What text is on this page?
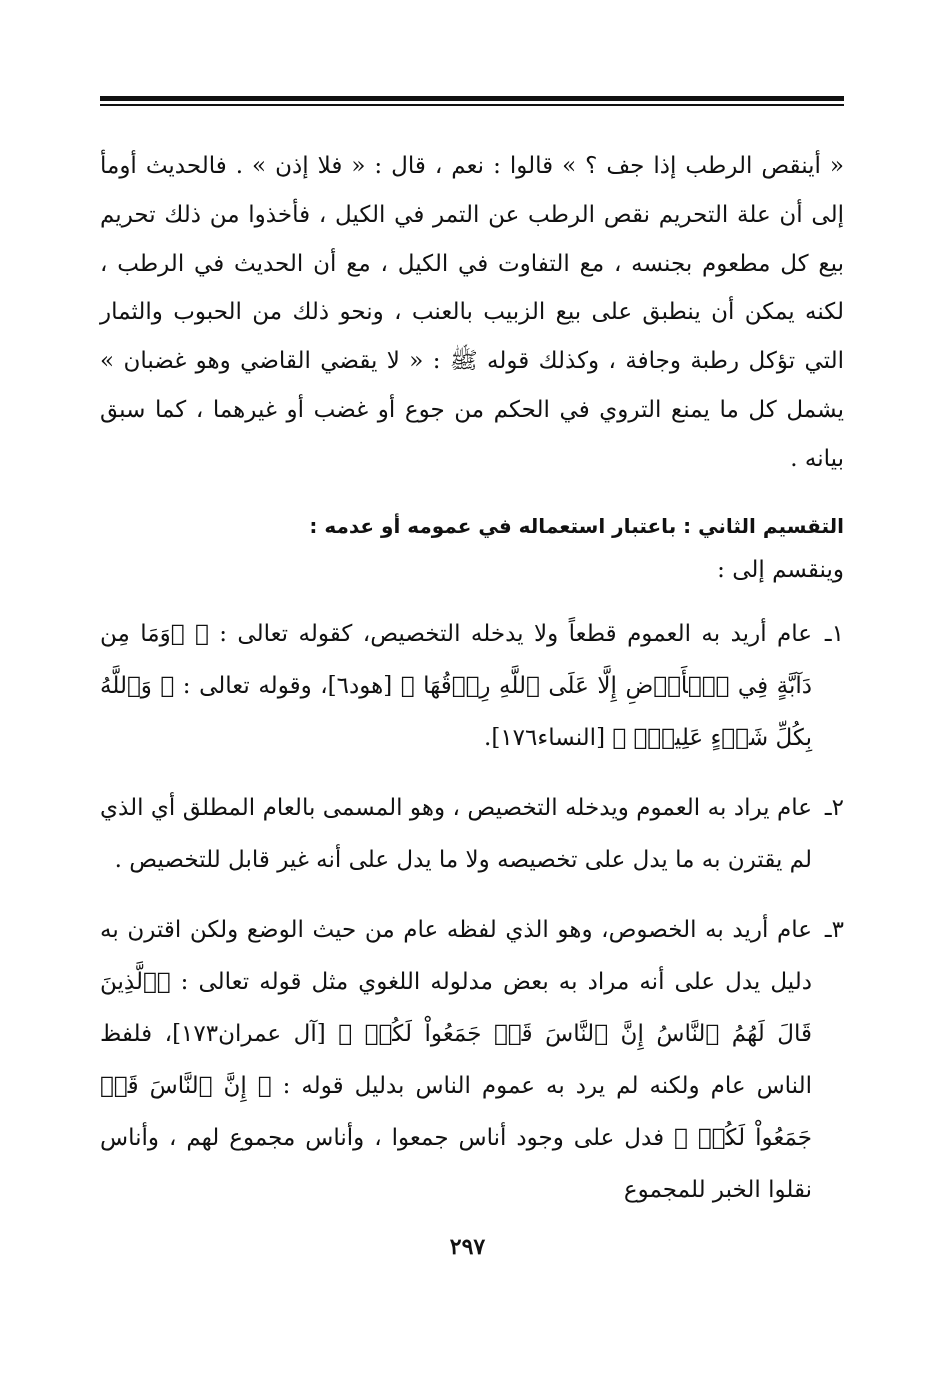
« أينقص الرطب إذا جف ؟ » قالوا : نعم ، قال : « فلا إذن » . فالحديث أومأ إلى أن علة التحريم نقص الرطب عن التمر في الكيل ، فأخذوا من ذلك تحريم بيع كل مطعوم بجنسه ، مع التفاوت في الكيل ، مع أن الحديث في الرطب ، لكنه يمكن أن ينطبق على بيع الزبيب بالعنب ، ونحو ذلك من الحبوب والثمار التي تؤكل رطبة وجافة ، وكذلك قوله ﷺ : « لا يقضي القاضي وهو غضبان » يشمل كل ما يمنع التروي في الحكم من جوع أو غضب أو غيرهما ، كما سبق بيانه .

التقسيم الثاني : باعتبار استعماله في عمومه أو عدمه :

وينقسم إلى :

١ـ
عام أريد به العموم قطعاً ولا يدخله التخصيص، كقوله تعالى : ﴿ ۞وَمَا مِن دَآبَّةٍ فِي ٱلۡأَرۡضِ إِلَّا عَلَى ٱللَّهِ رِزۡقُهَا ﴾ [هود٦]، وقوله تعالى : ﴿ وَٱللَّهُ بِكُلِّ شَيۡءٍ عَلِيمُۢ ﴾ [النساء١٧٦].
٢ـ
عام يراد به العموم ويدخله التخصيص ، وهو المسمى بالعام المطلق أي الذي لم يقترن به ما يدل على تخصيصه ولا ما يدل على أنه غير قابل للتخصيص .
٣ـ
عام أريد به الخصوص، وهو الذي لفظه عام من حيث الوضع ولكن اقترن به دليل يدل على أنه مراد به بعض مدلوله اللغوي مثل قوله تعالى : ﴿ٱلَّذِينَ قَالَ لَهُمُ ٱلنَّاسُ إِنَّ ٱلنَّاسَ قَدۡ جَمَعُواْ لَكُمۡ ﴾ [آل عمران١٧٣]، فلفظ الناس عام ولكنه لم يرد به عموم الناس بدليل قوله : ﴿ إِنَّ ٱلنَّاسَ قَدۡ جَمَعُواْ لَكُمۡ ﴾ فدل على وجود أناس جمعوا ، وأناس مجموع لهم ، وأناس نقلوا الخبر للمجموع
٢٩٧
